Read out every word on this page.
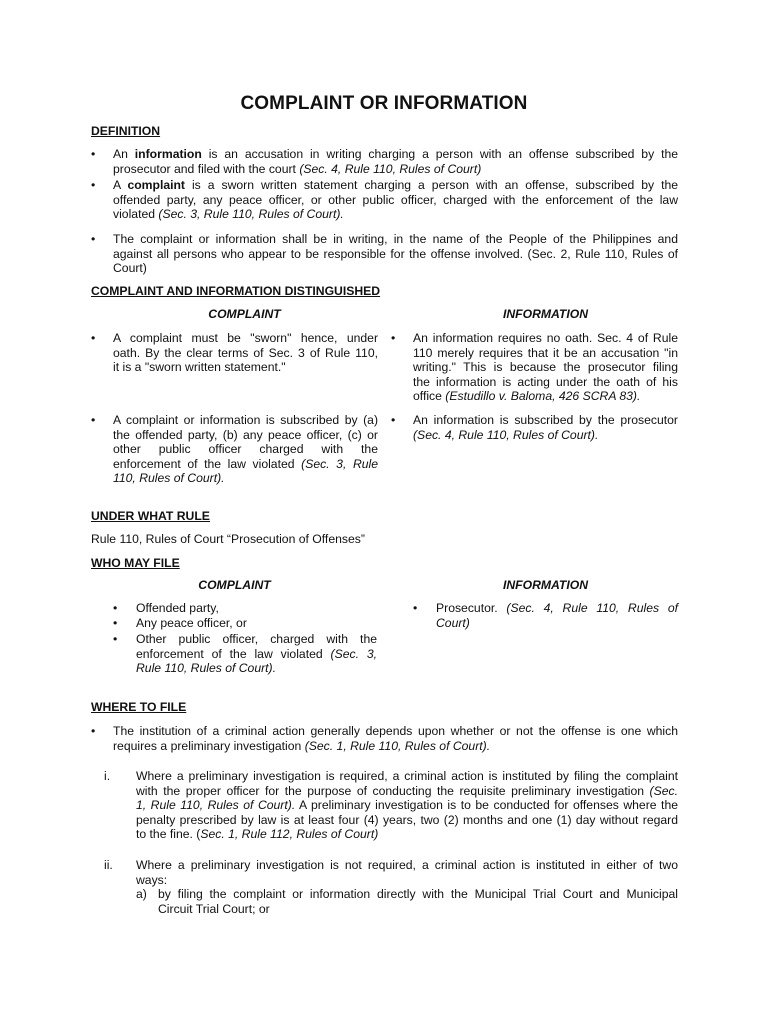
COMPLAINT OR INFORMATION
DEFINITION
• An information is an accusation in writing charging a person with an offense subscribed by the
prosecutor and filed with the court (Sec. 4, Rule 110, Rules of Court)
• A complaint is a sworn written statement charging a person with an offense, subscribed by the
offended party, any peace officer, or other public officer, charged with the enforcement of the law
violated (Sec. 3, Rule 110, Rules of Court).
• The complaint or information shall be in writing, in the name of the People of the Philippines and
against all persons who appear to be responsible for the offense involved. (Sec. 2, Rule 110, Rules of
Court)
COMPLAINT AND INFORMATION DISTINGUISHED
COMPLAINT	INFORMATION
• A complaint must be "sworn" hence, under
oath. By the clear terms of Sec. 3 of Rule 110,
it is a "sworn written statement."
• A complaint or information is subscribed by (a)
the offended party, (b) any peace officer, (c) or
other public officer charged with the
enforcement of the law violated (Sec. 3, Rule
110, Rules of Court).
• An information requires no oath. Sec. 4 of Rule
110 merely requires that it be an accusation "in
writing." This is because the prosecutor filing
the information is acting under the oath of his
office (Estudillo v. Baloma, 426 SCRA 83).
• An information is subscribed by the prosecutor
(Sec. 4, Rule 110, Rules of Court).
UNDER WHAT RULE
Rule 110, Rules of Court “Prosecution of Offenses”
WHO MAY FILE
COMPLAINT	INFORMATION
• Offended party,
• Any peace officer, or
• Other public officer, charged with the
enforcement of the law violated (Sec. 3,
Rule 110, Rules of Court).
• Prosecutor. (Sec. 4, Rule 110, Rules of
Court)
WHERE TO FILE
• The institution of a criminal action generally depends upon whether or not the offense is one which
requires a preliminary investigation (Sec. 1, Rule 110, Rules of Court).
i. Where a preliminary investigation is required, a criminal action is instituted by filing the complaint
with the proper officer for the purpose of conducting the requisite preliminary investigation (Sec.
1, Rule 110, Rules of Court). A preliminary investigation is to be conducted for offenses where the
penalty prescribed by law is at least four (4) years, two (2) months and one (1) day without regard
to the fine. (Sec. 1, Rule 112, Rules of Court)
ii. Where a preliminary investigation is not required, a criminal action is instituted in either of two
ways:
a) by filing the complaint or information directly with the Municipal Trial Court and Municipal
Circuit Trial Court; or
